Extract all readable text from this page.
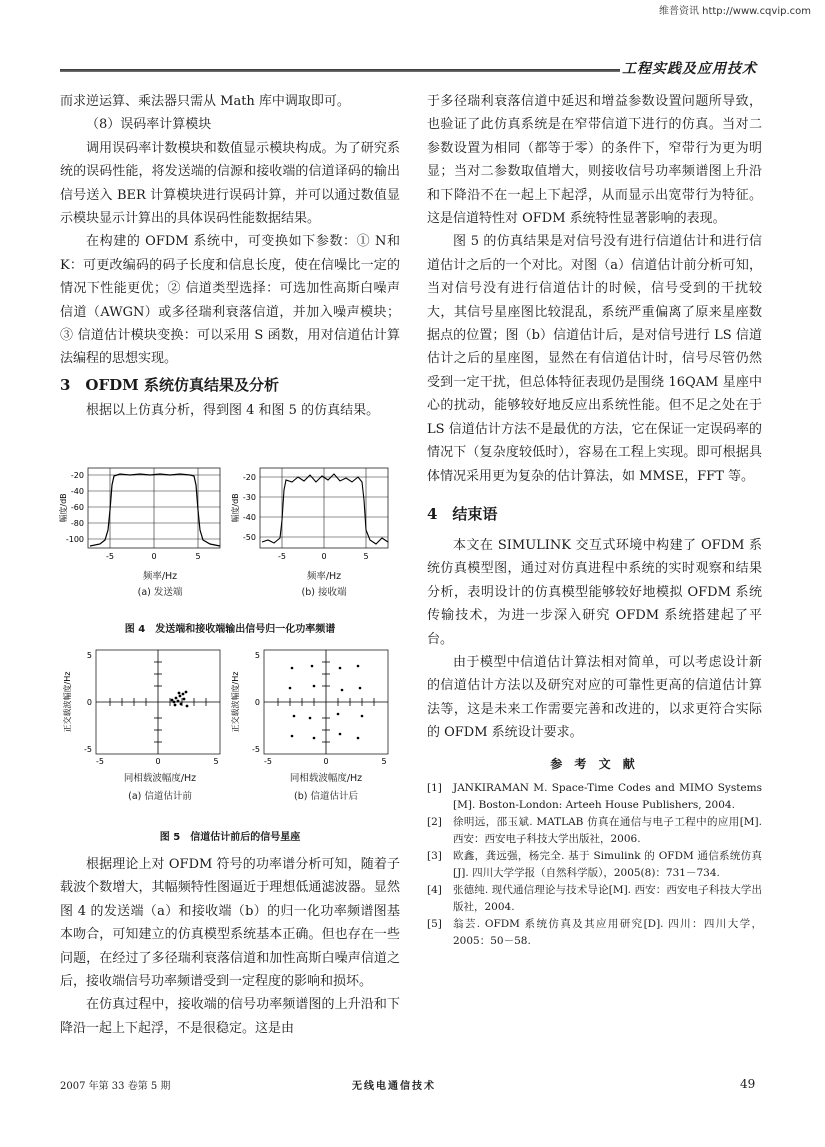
维普资讯 http://www.cqvip.com
工程实践及应用技术

而求逆运算、乘法器只需从 Math 库中调取即可。

（8）误码率计算模块

调用误码率计数模块和数值显示模块构成。为了研究系统的误码性能，将发送端的信源和接收端的信道译码的输出信号送入 BER 计算模块进行误码计算，并可以通过数值显示模块显示计算出的具体误码性能数据结果。

在构建的 OFDM 系统中，可变换如下参数：① N和K：可更改编码的码子长度和信息长度，使在信噪比一定的情况下性能更优；② 信道类型选择：可选加性高斯白噪声信道（AWGN）或多径瑞利衰落信道，并加入噪声模块；③ 信道估计模块变换：可以采用 S 函数，用对信道估计算法编程的思想实现。

3　OFDM 系统仿真结果及分析

根据以上仿真分析，得到图 4 和图 5 的仿真结果。

-20
-40
-60
-80
-100
-5	0	5
幅度/dB
频率/Hz
(a) 发送端
-20
-30
-40
-50
-5	0	5
幅度/dB
频率/Hz
(b) 接收端
图 4　发送端和接收端输出信号归一化功率频谱
5
0
-5
-5	0	5
正交载波幅度/Hz
同相载波幅度/Hz
(a) 信道估计前
5
0
-5
-5	0	5
正交载波幅度/Hz
同相载波幅度/Hz
(b) 信道估计后
图 5　信道估计前后的信号星座

根据理论上对 OFDM 符号的功率谱分析可知，随着子载波个数增大，其幅频特性图逼近于理想低通滤波器。显然图 4 的发送端（a）和接收端（b）的归一化功率频谱图基本吻合，可知建立的仿真模型系统基本正确。但也存在一些问题，在经过了多径瑞利衰落信道和加性高斯白噪声信道之后，接收端信号功率频谱受到一定程度的影响和损坏。

在仿真过程中，接收端的信号功率频谱图的上升沿和下降沿一起上下起浮，不是很稳定。这是由

于多径瑞利衰落信道中延迟和增益参数设置问题所导致，也验证了此仿真系统是在窄带信道下进行的仿真。当对二参数设置为相同（都等于零）的条件下，窄带行为更为明显；当对二参数取值增大，则接收信号功率频谱图上升沿和下降沿不在一起上下起浮，从而显示出宽带行为特征。这是信道特性对 OFDM 系统特性显著影响的表现。

图 5 的仿真结果是对信号没有进行信道估计和进行信道估计之后的一个对比。对图（a）信道估计前分析可知，当对信号没有进行信道估计的时候，信号受到的干扰较大，其信号星座图比较混乱，系统严重偏离了原来星座数据点的位置；图（b）信道估计后，是对信号进行 LS 信道估计之后的星座图，显然在有信道估计时，信号尽管仍然受到一定干扰，但总体特征表现仍是围绕 16QAM 星座中心的扰动，能够较好地反应出系统性能。但不足之处在于 LS 信道估计方法不是最优的方法，它在保证一定误码率的情况下（复杂度较低时），容易在工程上实现。即可根据具体情况采用更为复杂的估计算法，如 MMSE，FFT 等。

4　结束语

本文在 SIMULINK 交互式环境中构建了 OFDM 系统仿真模型图，通过对仿真进程中系统的实时观察和结果分析，表明设计的仿真模型能够较好地模拟 OFDM 系统传输技术，为进一步深入研究 OFDM 系统搭建起了平台。

由于模型中信道估计算法相对简单，可以考虑设计新的信道估计方法以及研究对应的可靠性更高的信道估计算法等，这是未来工作需要完善和改进的，以求更符合实际的 OFDM 系统设计要求。

参 考 文 献
[1]	JANKIRAMAN M. Space-Time Codes and MIMO Systems [M]. Boston-London: Arteeh House Publishers, 2004.
[2]	徐明远，邵玉斌. MATLAB 仿真在通信与电子工程中的应用[M]. 西安：西安电子科技大学出版社，2006.
[3]	欧鑫，龚远强，杨完全. 基于 Simulink 的 OFDM 通信系统仿真[J]. 四川大学学报（自然科学版），2005(8)：731－734.
[4]	张德纯. 现代通信理论与技术导论[M]. 西安：西安电子科技大学出版社，2004.
[5]	翁芸. OFDM 系统仿真及其应用研究[D]. 四川：四川大学，2005：50－58.
2007 年第 33 卷第 5 期	无线电通信技术	49
